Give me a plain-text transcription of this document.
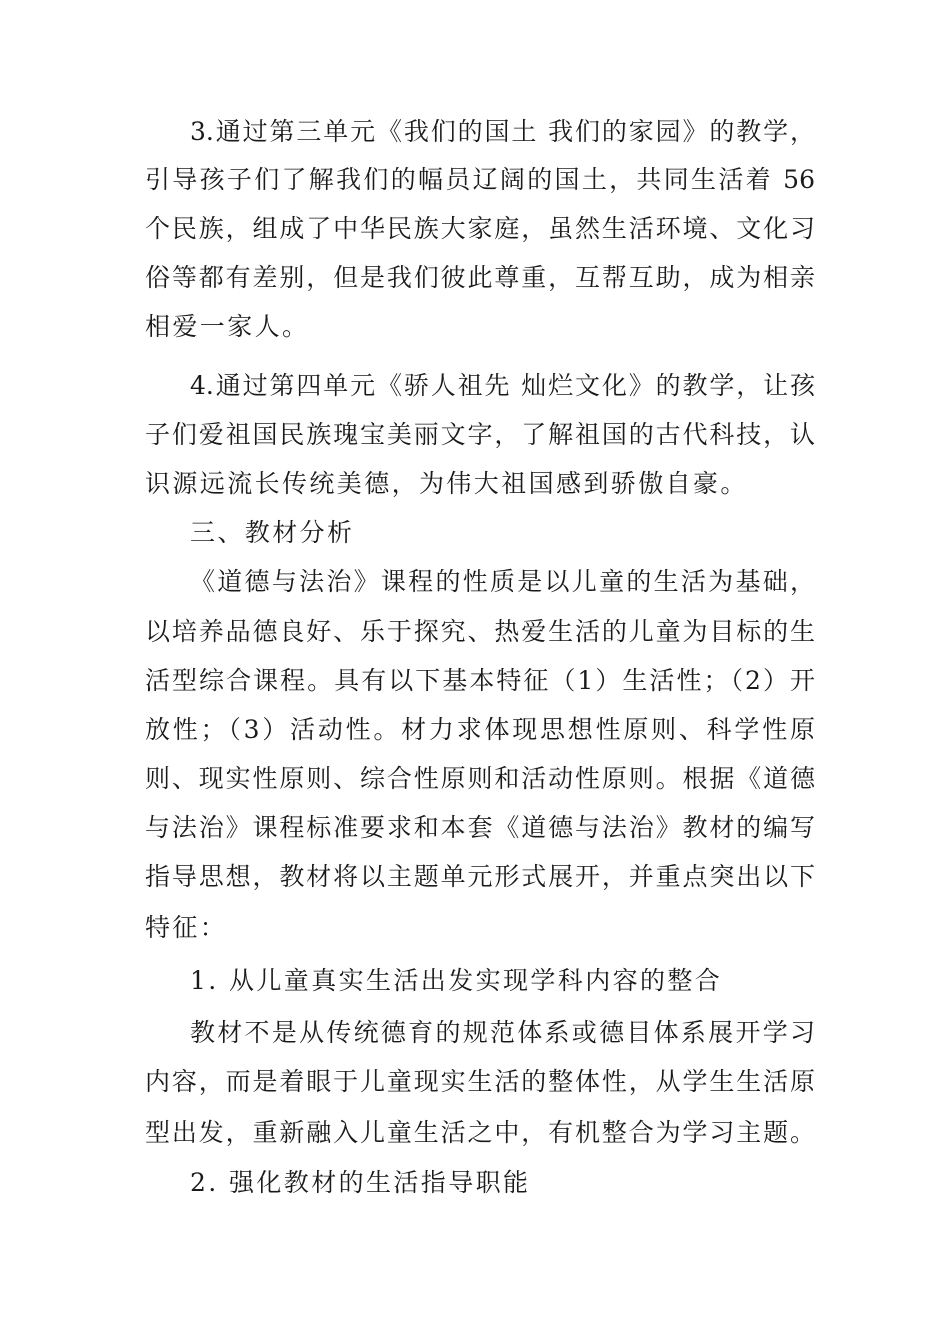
3.通过第三单元《我们的国土 我们的家园》的教学，
引导孩子们了解我们的幅员辽阔的国土，共同生活着 56
个民族，组成了中华民族大家庭，虽然生活环境、文化习
俗等都有差别，但是我们彼此尊重，互帮互助，成为相亲
相爱一家人。
4.通过第四单元《骄人祖先 灿烂文化》的教学，让孩
子们爱祖国民族瑰宝美丽文字，了解祖国的古代科技，认
识源远流长传统美德，为伟大祖国感到骄傲自豪。
三、教材分析
《道德与法治》课程的性质是以儿童的生活为基础，
以培养品德良好、乐于探究、热爱生活的儿童为目标的生
活型综合课程。具有以下基本特征（1）生活性；（2）开
放性；（3）活动性。材力求体现思想性原则、科学性原
则、现实性原则、综合性原则和活动性原则。根据《道德
与法治》课程标准要求和本套《道德与法治》教材的编写
指导思想，教材将以主题单元形式展开，并重点突出以下
特征：
1. 从儿童真实生活出发实现学科内容的整合
教材不是从传统德育的规范体系或德目体系展开学习
内容，而是着眼于儿童现实生活的整体性，从学生生活原
型出发，重新融入儿童生活之中，有机整合为学习主题。
2. 强化教材的生活指导职能
